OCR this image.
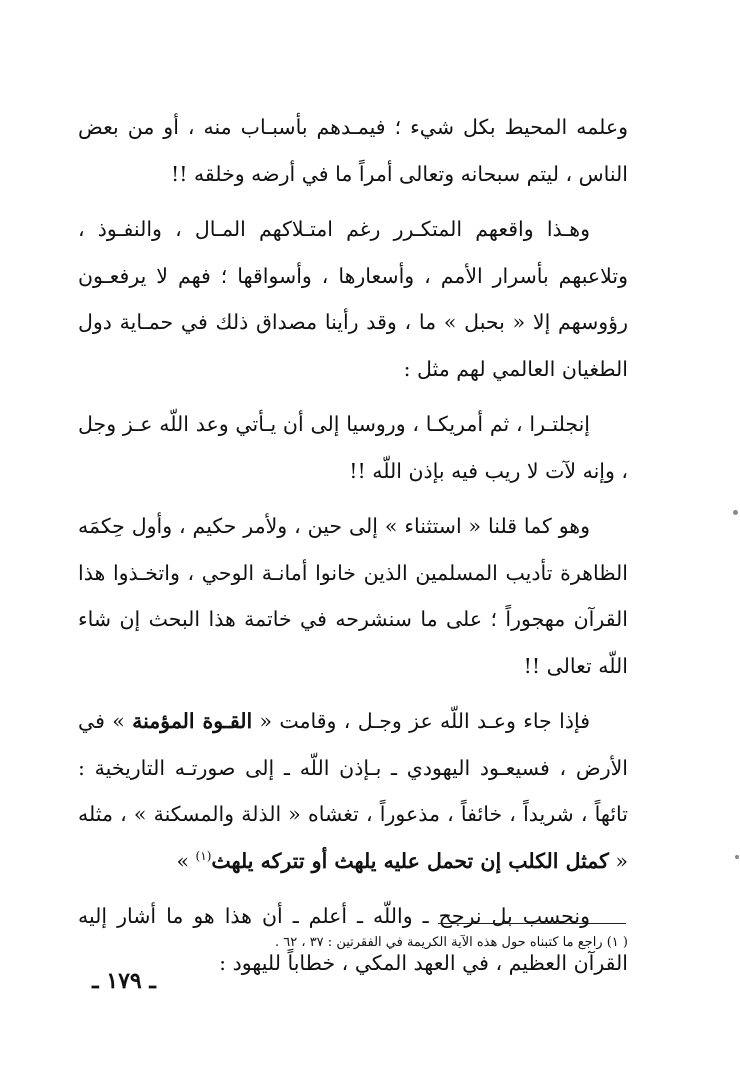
وعلمه المحيط بكل شيء ؛ فيمـدهم بأسبـاب منه ، أو من بعض الناس ، ليتم سبحانه وتعالى أمراً ما في أرضه وخلقه !!

وهـذا واقعهم المتكـرر رغم امتـلاكهم المـال ، والنفـوذ ، وتلاعبهم بأسرار الأمم ، وأسعارها ، وأسواقها ؛ فهم لا يرفعـون رؤوسهم إلا « بحبل » ما ، وقد رأينا مصداق ذلك في حمـاية دول الطغيان العالمي لهم مثل :

إنجلتـرا ، ثم أمريكـا ، وروسيا إلى أن يـأتي وعد اللّه عـز وجل ، وإنه لآت لا ريب فيه بإذن اللّه !!

وهو كما قلنا « استثناء » إلى حين ، ولأمر حكيم ، وأول حِكمَه الظاهرة تأديب المسلمين الذين خانوا أمانـة الوحي ، واتخـذوا هذا القرآن مهجوراً ؛ على ما سنشرحه في خاتمة هذا البحث إن شاء اللّه تعالى !!

فإذا جاء وعـد اللّه عز وجـل ، وقامت « القـوة المؤمنة » في الأرض ، فسيعـود اليهودي ـ بـإذن اللّه ـ إلى صورتـه التاريخية : تائهاً ، شريداً ، خائفاً ، مذعوراً ، تغشاه « الذلة والمسكنة » ، مثله « كمثل الكلب إن تحمل عليه يلهث أو تتركه يلهث$^{(١)}$ »

ونحسب بل نرجح ـ واللّه ـ أعلم ـ أن هذا هو ما أشار إليه القرآن العظيم ، في العهد المكي ، خطاباً لليهود :

( ١) راجع ما كتبناه حول هذه الآية الكريمة في الفقرتين : ٣٧ ، ٦٢ .
ـ ١٧٩ ـ
